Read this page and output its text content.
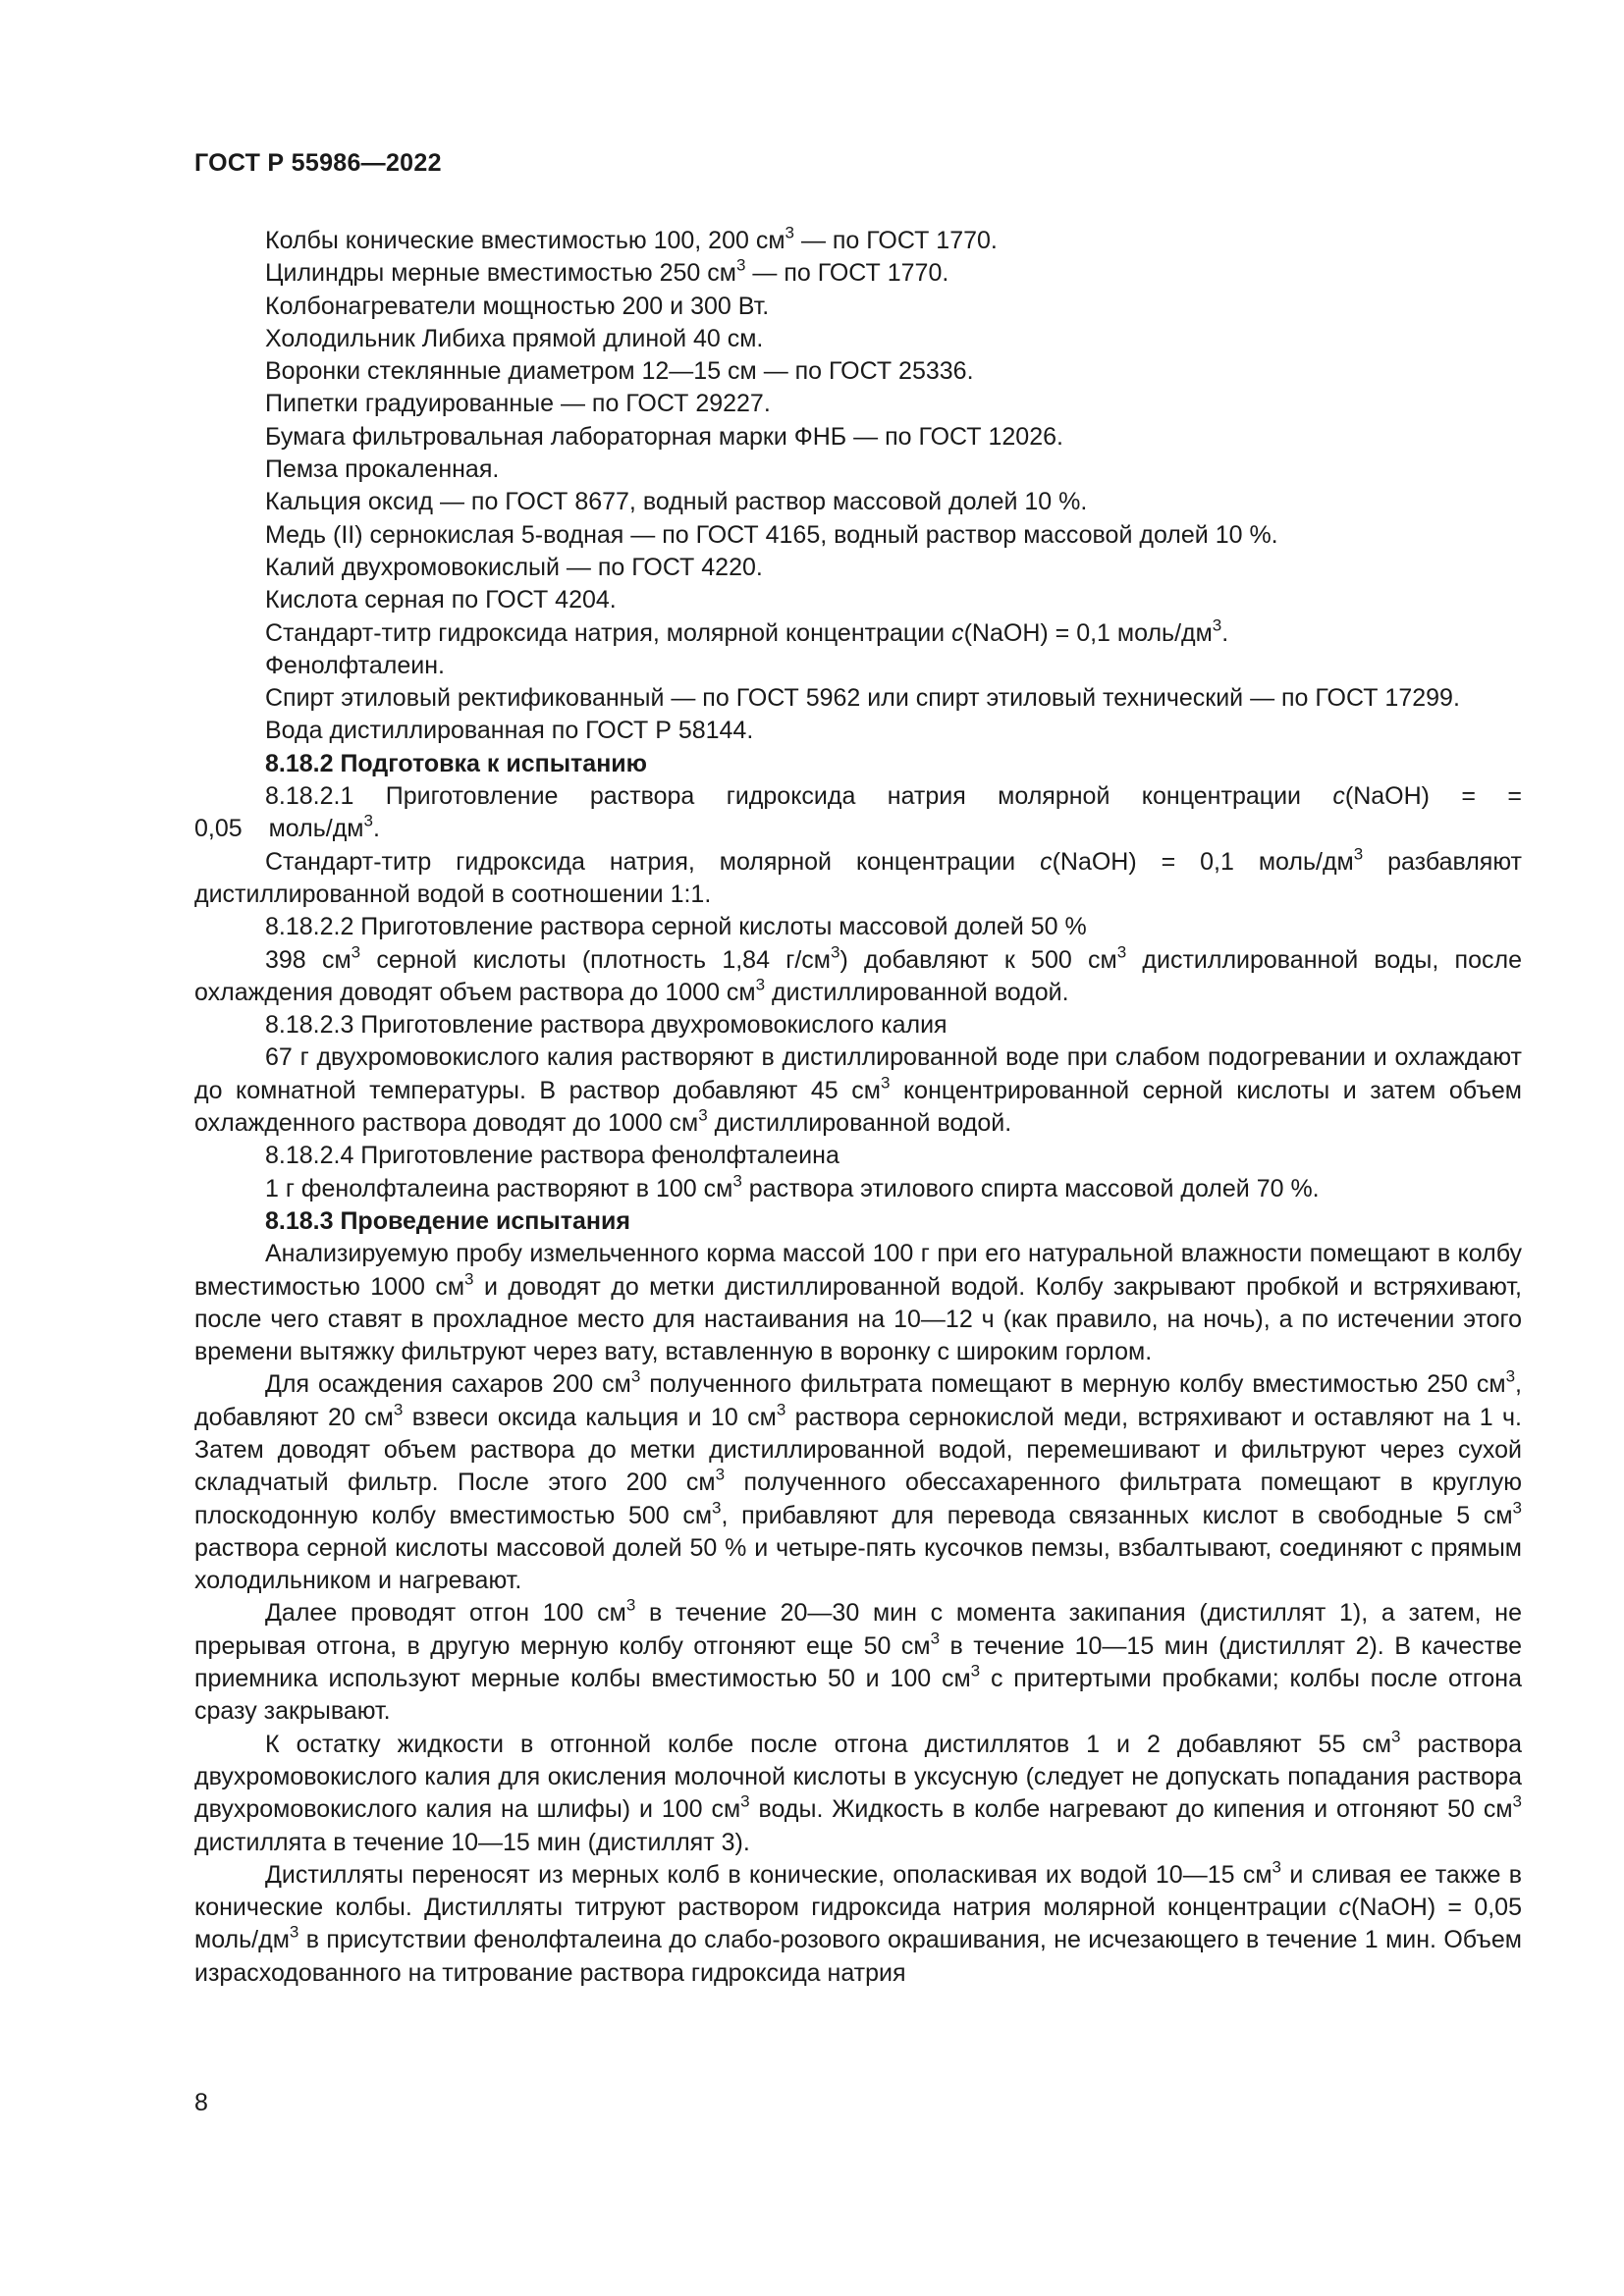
ГОСТ Р 55986—2022

Колбы конические вместимостью 100, 200 $см^3$ — по ГОСТ 1770.

Цилиндры мерные вместимостью 250 $см^3$ — по ГОСТ 1770.

Колбонагреватели мощностью 200 и 300 Вт.

Холодильник Либиха прямой длиной 40 см.

Воронки стеклянные диаметром 12—15 см — по ГОСТ 25336.

Пипетки градуированные — по ГОСТ 29227.

Бумага фильтровальная лабораторная марки ФНБ — по ГОСТ 12026.

Пемза прокаленная.

Кальция оксид — по ГОСТ 8677, водный раствор массовой долей 10 %.

Медь (II) сернокислая 5-водная — по ГОСТ 4165, водный раствор массовой долей 10 %.

Калий двухромовокислый — по ГОСТ 4220.

Кислота серная по ГОСТ 4204.

Стандарт-титр гидроксида натрия, молярной концентрации c(NaOH) = 0,1 моль/$дм^3$.

Фенолфталеин.

Спирт этиловый ректификованный — по ГОСТ 5962 или спирт этиловый технический — по ГОСТ 17299.

Вода дистиллированная по ГОСТ Р 58144.

8.18.2 Подготовка к испытанию

8.18.2.1 Приготовление раствора гидроксида натрия молярной концентрации c(NaOH) = = 0,05 моль/$дм^3$.

Стандарт-титр гидроксида натрия, молярной концентрации c(NaOH) = 0,1 моль/$дм^3$ разбавляют дистиллированной водой в соотношении 1:1.

8.18.2.2 Приготовление раствора серной кислоты массовой долей 50 %

398 $см^3$ серной кислоты (плотность 1,84 $г/см^3$) добавляют к 500 $см^3$ дистиллированной воды, после охлаждения доводят объем раствора до 1000 $см^3$ дистиллированной водой.

8.18.2.3 Приготовление раствора двухромовокислого калия

67 г двухромовокислого калия растворяют в дистиллированной воде при слабом подогревании и охлаждают до комнатной температуры. В раствор добавляют 45 $см^3$ концентрированной серной кислоты и затем объем охлажденного раствора доводят до 1000 $см^3$ дистиллированной водой.

8.18.2.4 Приготовление раствора фенолфталеина

1 г фенолфталеина растворяют в 100 $см^3$ раствора этилового спирта массовой долей 70 %.

8.18.3 Проведение испытания

Анализируемую пробу измельченного корма массой 100 г при его натуральной влажности помещают в колбу вместимостью 1000 $см^3$ и доводят до метки дистиллированной водой. Колбу закрывают пробкой и встряхивают, после чего ставят в прохладное место для настаивания на 10—12 ч (как правило, на ночь), а по истечении этого времени вытяжку фильтруют через вату, вставленную в воронку с широким горлом.

Для осаждения сахаров 200 $см^3$ полученного фильтрата помещают в мерную колбу вместимостью 250 $см^3$, добавляют 20 $см^3$ взвеси оксида кальция и 10 $см^3$ раствора сернокислой меди, встряхивают и оставляют на 1 ч. Затем доводят объем раствора до метки дистиллированной водой, перемешивают и фильтруют через сухой складчатый фильтр. После этого 200 $см^3$ полученного обессахаренного фильтрата помещают в круглую плоскодонную колбу вместимостью 500 $см^3$, прибавляют для перевода связанных кислот в свободные 5 $см^3$ раствора серной кислоты массовой долей 50 % и четыре-пять кусочков пемзы, взбалтывают, соединяют с прямым холодильником и нагревают.

Далее проводят отгон 100 $см^3$ в течение 20—30 мин с момента закипания (дистиллят 1), а затем, не прерывая отгона, в другую мерную колбу отгоняют еще 50 $см^3$ в течение 10—15 мин (дистиллят 2). В качестве приемника используют мерные колбы вместимостью 50 и 100 $см^3$ с притертыми пробками; колбы после отгона сразу закрывают.

К остатку жидкости в отгонной колбе после отгона дистиллятов 1 и 2 добавляют 55 $см^3$ раствора двухромовокислого калия для окисления молочной кислоты в уксусную (следует не допускать попадания раствора двухромовокислого калия на шлифы) и 100 $см^3$ воды. Жидкость в колбе нагревают до кипения и отгоняют 50 $см^3$ дистиллята в течение 10—15 мин (дистиллят 3).

Дистилляты переносят из мерных колб в конические, ополаскивая их водой 10—15 $см^3$ и сливая ее также в конические колбы. Дистилляты титруют раствором гидроксида натрия молярной концентрации c(NaOH) = 0,05 моль/$дм^3$ в присутствии фенолфталеина до слабо-розового окрашивания, не исчезающего в течение 1 мин. Объем израсходованного на титрование раствора гидроксида натрия

8
